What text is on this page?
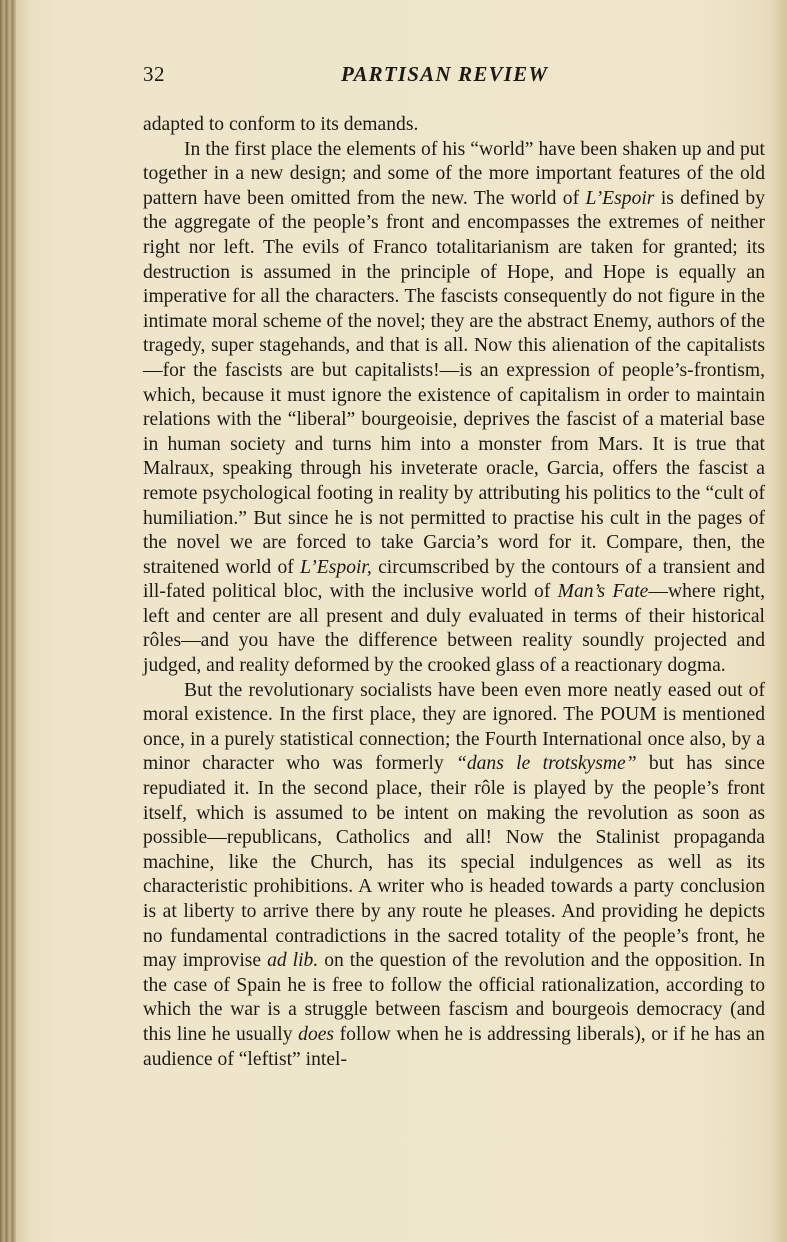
32	PARTISAN REVIEW

adapted to conform to its demands.

In the first place the elements of his “world” have been shaken up and put together in a new design; and some of the more important features of the old pattern have been omitted from the new. The world of L’Espoir is defined by the aggregate of the people’s front and encompasses the extremes of neither right nor left. The evils of Franco totalitarianism are taken for granted; its destruction is assumed in the principle of Hope, and Hope is equally an imperative for all the characters. The fascists consequently do not figure in the intimate moral scheme of the novel; they are the abstract Enemy, authors of the tragedy, super stagehands, and that is all. Now this alienation of the capitalists—for the fascists are but capitalists!—is an expression of people’s-frontism, which, because it must ignore the existence of capitalism in order to maintain relations with the “liberal” bourgeoisie, deprives the fascist of a material base in human society and turns him into a monster from Mars. It is true that Malraux, speaking through his inveterate oracle, Garcia, offers the fascist a remote psychological footing in reality by attributing his politics to the “cult of humiliation.” But since he is not permitted to practise his cult in the pages of the novel we are forced to take Garcia’s word for it. Compare, then, the straitened world of L’Espoir, circumscribed by the contours of a transient and ill-fated political bloc, with the inclusive world of Man’s Fate—where right, left and center are all present and duly evaluated in terms of their historical rôles—and you have the difference between reality soundly projected and judged, and reality deformed by the crooked glass of a reactionary dogma.

But the revolutionary socialists have been even more neatly eased out of moral existence. In the first place, they are ignored. The POUM is mentioned once, in a purely statistical connection; the Fourth International once also, by a minor character who was formerly “dans le trotskysme” but has since repudiated it. In the second place, their rôle is played by the people’s front itself, which is assumed to be intent on making the revolution as soon as possible—republicans, Catholics and all! Now the Stalinist propaganda machine, like the Church, has its special indulgences as well as its characteristic prohibitions. A writer who is headed towards a party conclusion is at liberty to arrive there by any route he pleases. And providing he depicts no fundamental contradictions in the sacred totality of the people’s front, he may improvise ad lib. on the question of the revolution and the opposition. In the case of Spain he is free to follow the official rationalization, according to which the war is a struggle between fascism and bourgeois democracy (and this line he usually does follow when he is addressing liberals), or if he has an audience of “leftist” intel-
